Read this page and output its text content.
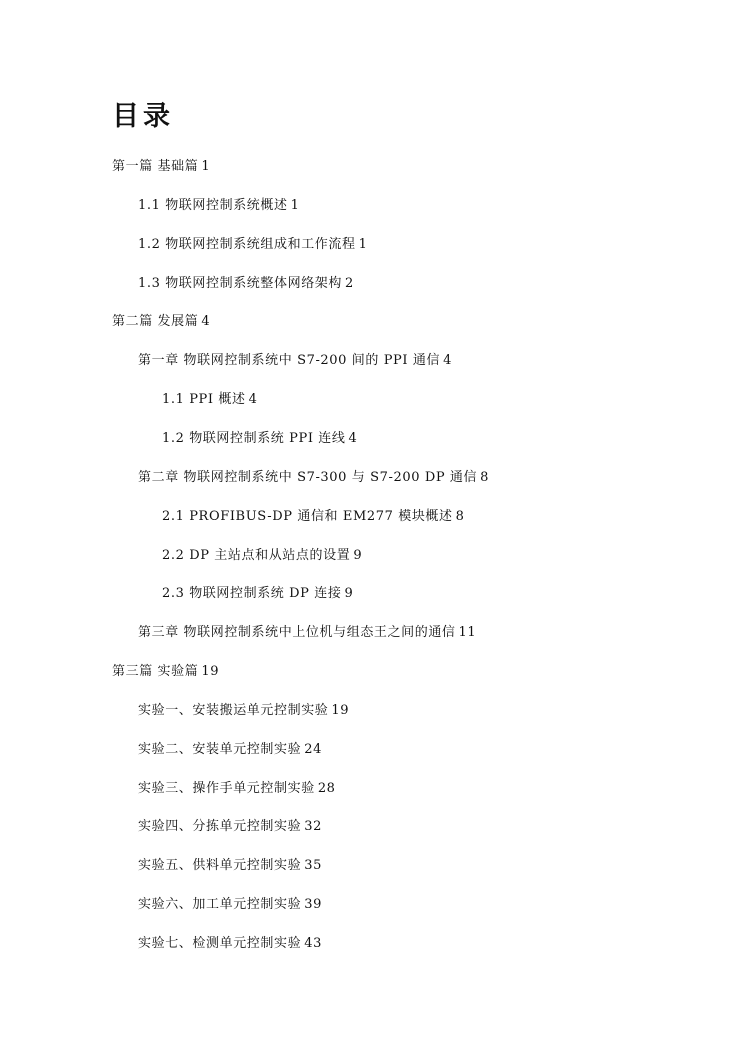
目录
第一篇 基础篇 1
1.1 物联网控制系统概述 1
1.2 物联网控制系统组成和工作流程 1
1.3 物联网控制系统整体网络架构 2
第二篇 发展篇 4
第一章 物联网控制系统中 S7-200 间的 PPI 通信 4
1.1 PPI 概述 4
1.2 物联网控制系统 PPI 连线 4
第二章 物联网控制系统中 S7-300 与 S7-200 DP 通信 8
2.1 PROFIBUS-DP 通信和 EM277 模块概述 8
2.2 DP 主站点和从站点的设置 9
2.3 物联网控制系统 DP 连接 9
第三章 物联网控制系统中上位机与组态王之间的通信 11
第三篇 实验篇 19
实验一、安装搬运单元控制实验 19
实验二、安装单元控制实验 24
实验三、操作手单元控制实验 28
实验四、分拣单元控制实验 32
实验五、供料单元控制实验 35
实验六、加工单元控制实验 39
实验七、检测单元控制实验 43
